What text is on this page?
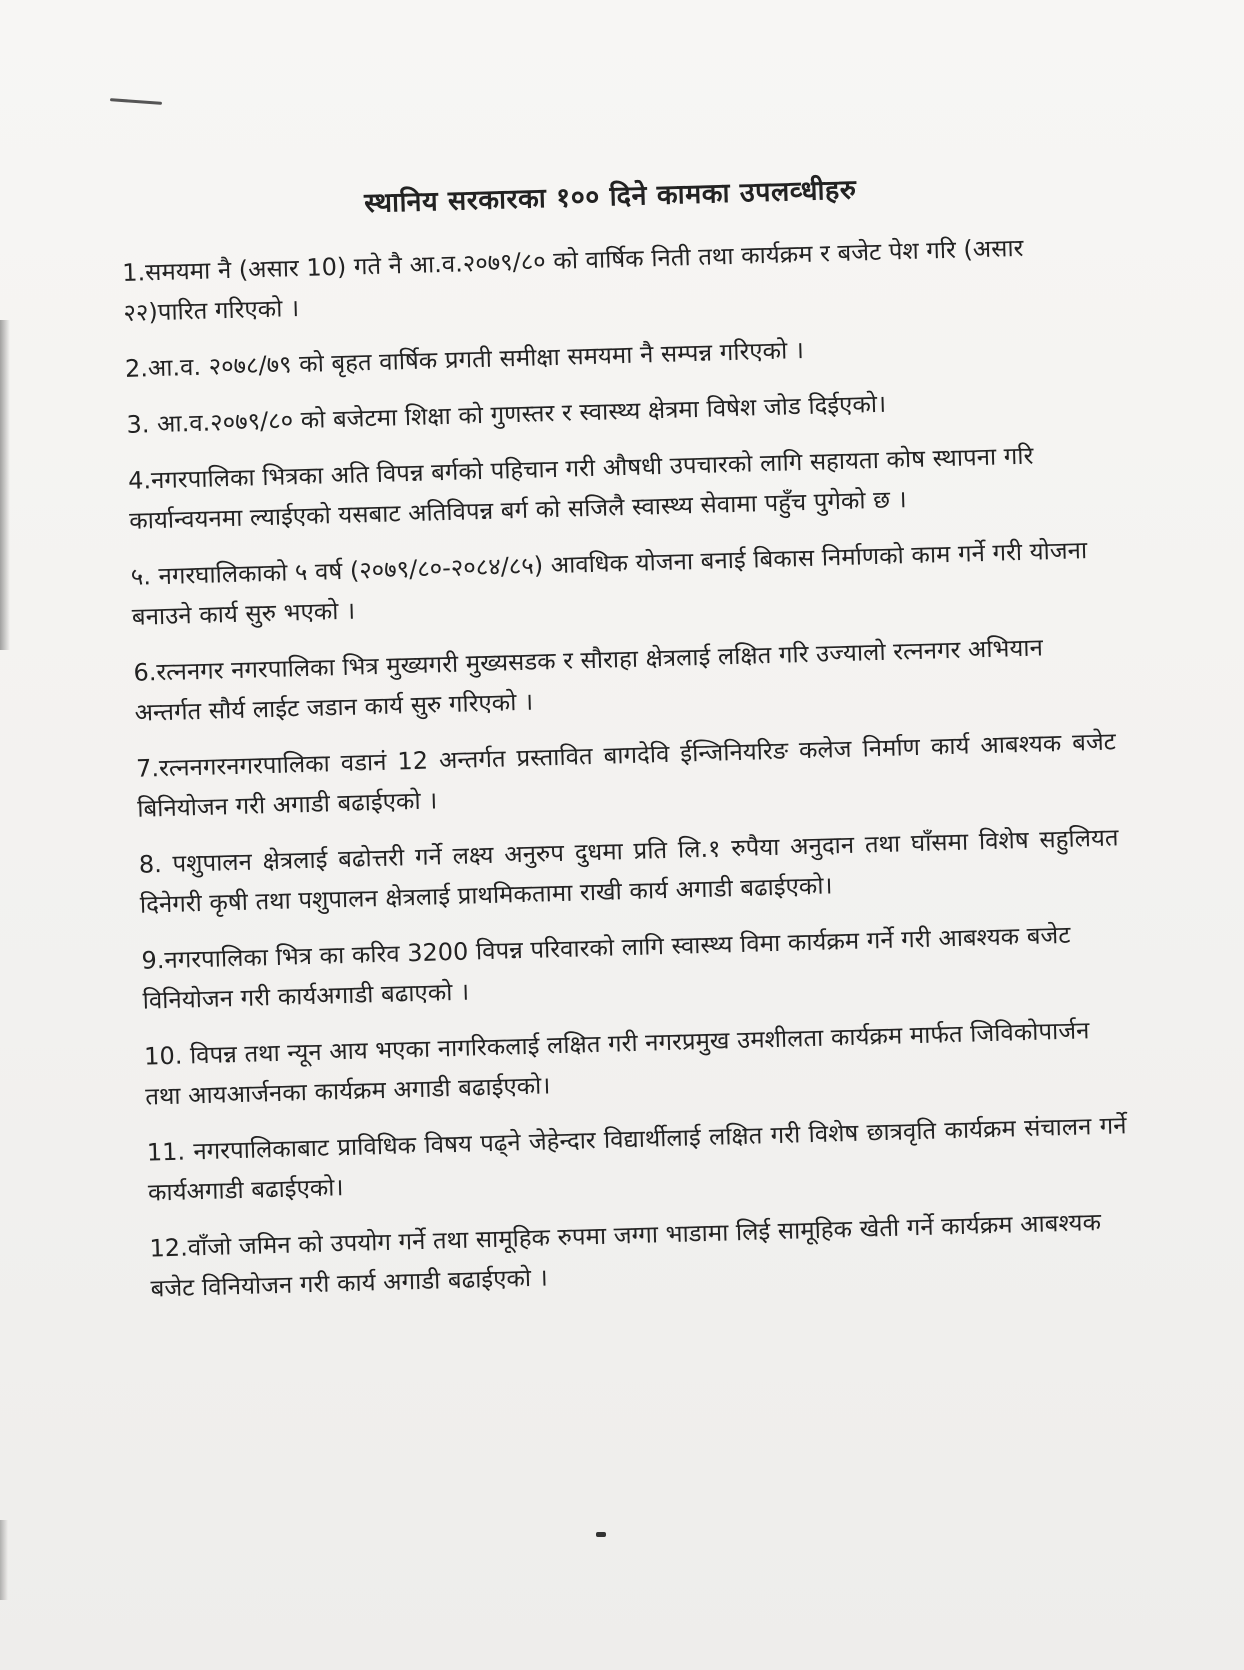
स्थानिय सरकारका १०० दिने कामका उपलव्धीहरु

1.समयमा नै (असार 10) गते नै आ.व.२०७९/८० को वार्षिक निती तथा कार्यक्रम र बजेट पेश गरि (असार २२)पारित गरिएको ।

2.आ.व. २०७८/७९ को बृहत वार्षिक प्रगती समीक्षा समयमा नै सम्पन्न गरिएको ।

3. आ.व.२०७९/८० को बजेटमा शिक्षा को गुणस्तर र स्वास्थ्य क्षेत्रमा विषेश जोड दिईएको।

4.नगरपालिका भित्रका अति विपन्न बर्गको पहिचान गरी औषधी उपचारको लागि सहायता कोष स्थापना गरि कार्यान्वयनमा ल्याईएको यसबाट अतिविपन्न बर्ग को सजिलै स्वास्थ्य सेवामा पहुँच पुगेको छ ।

५. नगरघालिकाको ५ वर्ष (२०७९/८०-२०८४/८५) आवधिक योजना बनाई बिकास निर्माणको काम गर्ने गरी योजना बनाउने कार्य सुरु भएको ।

6.रत्ननगर नगरपालिका भित्र मुख्यगरी मुख्यसडक र सौराहा क्षेत्रलाई लक्षित गरि उज्यालो रत्ननगर अभियान अन्तर्गत सौर्य लाईट जडान कार्य सुरु गरिएको ।

7.रत्ननगरनगरपालिका वडानं 12 अन्तर्गत प्रस्तावित बागदेवि ईन्जिनियरिङ कलेज निर्माण कार्य आबश्यक बजेट बिनियोजन गरी अगाडी बढाईएको ।

8. पशुपालन क्षेत्रलाई बढोत्तरी गर्ने लक्ष्य अनुरुप दुधमा प्रति लि.१ रुपैया अनुदान तथा घाँसमा विशेष सहुलियत दिनेगरी कृषी तथा पशुपालन क्षेत्रलाई प्राथमिकतामा राखी कार्य अगाडी बढाईएको।

9.नगरपालिका भित्र का करिव 3200 विपन्न परिवारको लागि स्वास्थ्य विमा कार्यक्रम गर्ने गरी आबश्यक बजेट विनियोजन गरी कार्यअगाडी बढाएको ।

10. विपन्न तथा न्यून आय भएका नागरिकलाई लक्षित गरी नगरप्रमुख उमशीलता कार्यक्रम मार्फत जिविकोपार्जन तथा आयआर्जनका कार्यक्रम अगाडी बढाईएको।

11. नगरपालिकाबाट प्राविधिक विषय पढ्ने जेहेन्दार विद्यार्थीलाई लक्षित गरी विशेष छात्रवृति कार्यक्रम संचालन गर्ने कार्यअगाडी बढाईएको।

12.वाँजो जमिन को उपयोग गर्ने तथा सामूहिक रुपमा जग्गा भाडामा लिई सामूहिक खेती गर्ने कार्यक्रम आबश्यक बजेट विनियोजन गरी कार्य अगाडी बढाईएको ।
